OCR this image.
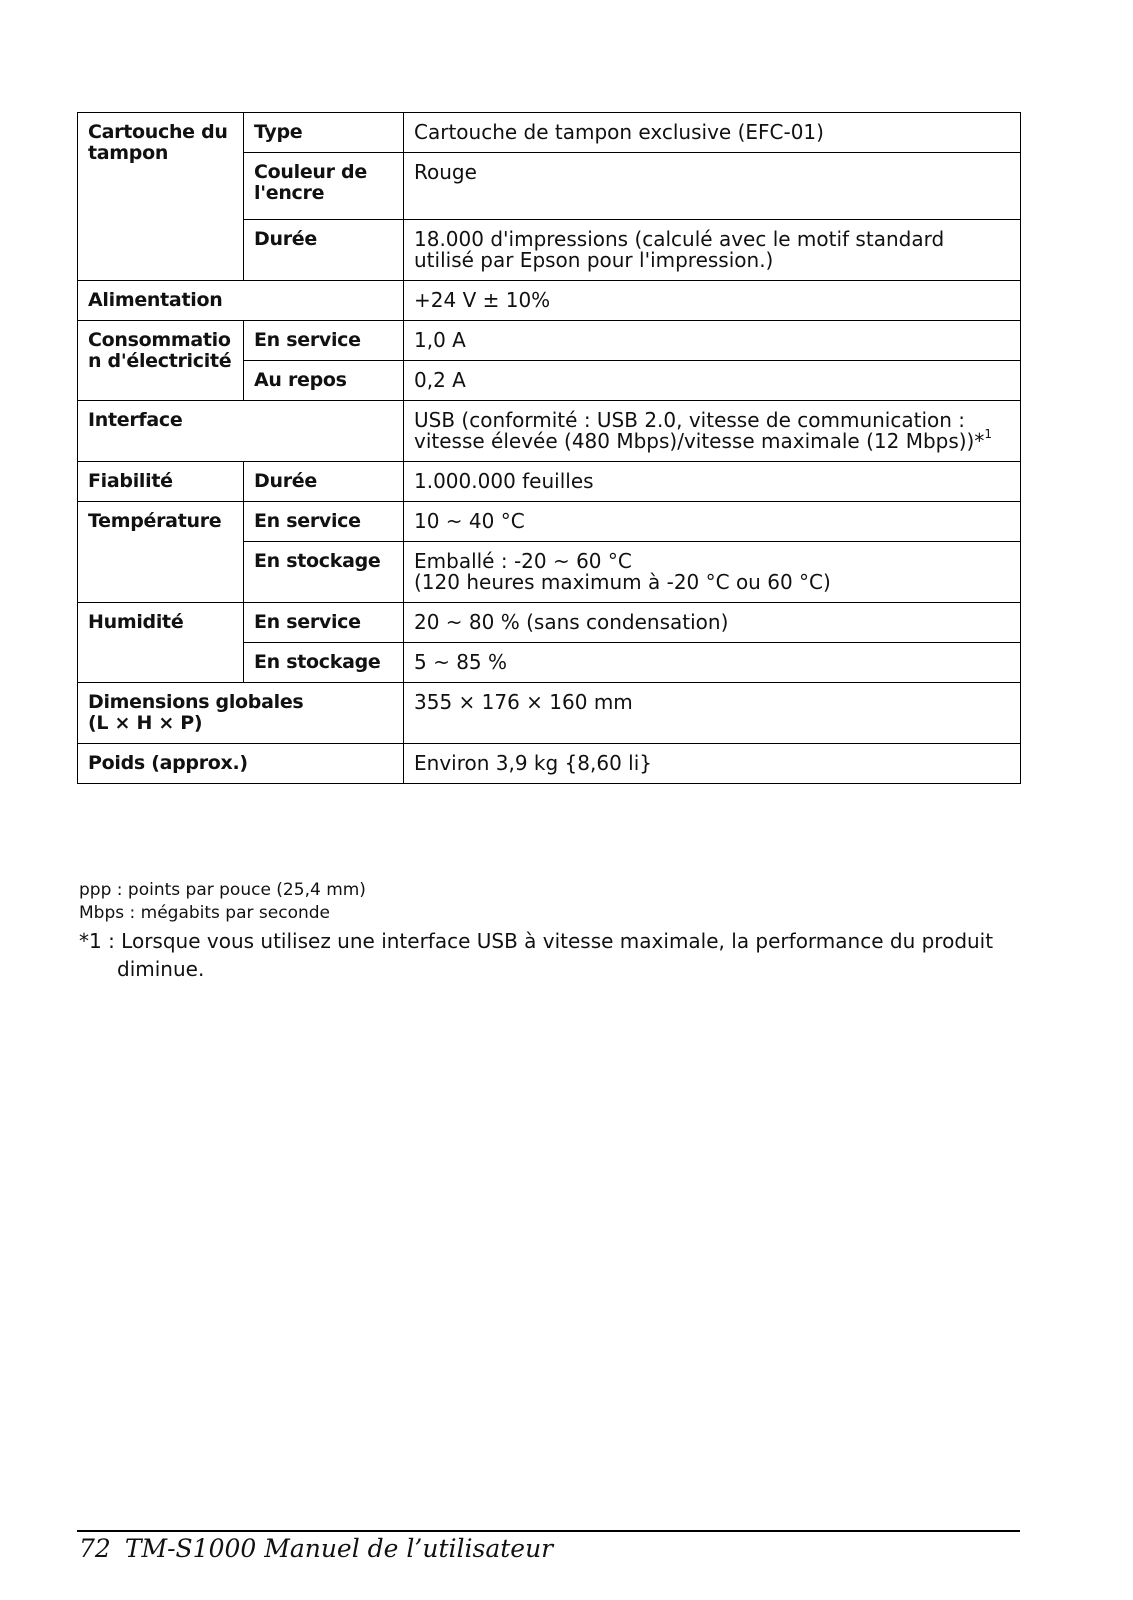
Cartouche du tampon	Type	Cartouche de tampon exclusive (EFC-01)
	Couleur de l'encre	Rouge
	Durée	18.000 d'impressions (calculé avec le motif standard
utilisé par Epson pour l'impression.)

Alimentation		+24 V ± 10%
Consommatio n d'électricité	En service	1,0 A
	Au repos	0,2 A
Interface		USB (conformité : USB 2.0, vitesse de communication :
vitesse élevée (480 Mbps)/vitesse maximale (12 Mbps))*$^1$

Fiabilité	Durée	1.000.000 feuilles
Température	En service	10 ~ 40 °C
	En stockage	Emballé : -20 ~ 60 °C
(120 heures maximum à -20 °C ou 60 °C)

Humidité	En service	20 ~ 80 % (sans condensation)
	En stockage	5 ~ 85 %

Dimensions globales
(L × H × P)		355 × 176 × 160 mm
Poids (approx.)		Environ 3,9 kg {8,60 li}
ppp : points par pouce (25,4 mm)
Mbps : mégabits par seconde
*1 : Lorsque vous utilisez une interface USB à vitesse maximale, la performance du produit
diminue.
72 TM-S1000 Manuel de l’utilisateur
